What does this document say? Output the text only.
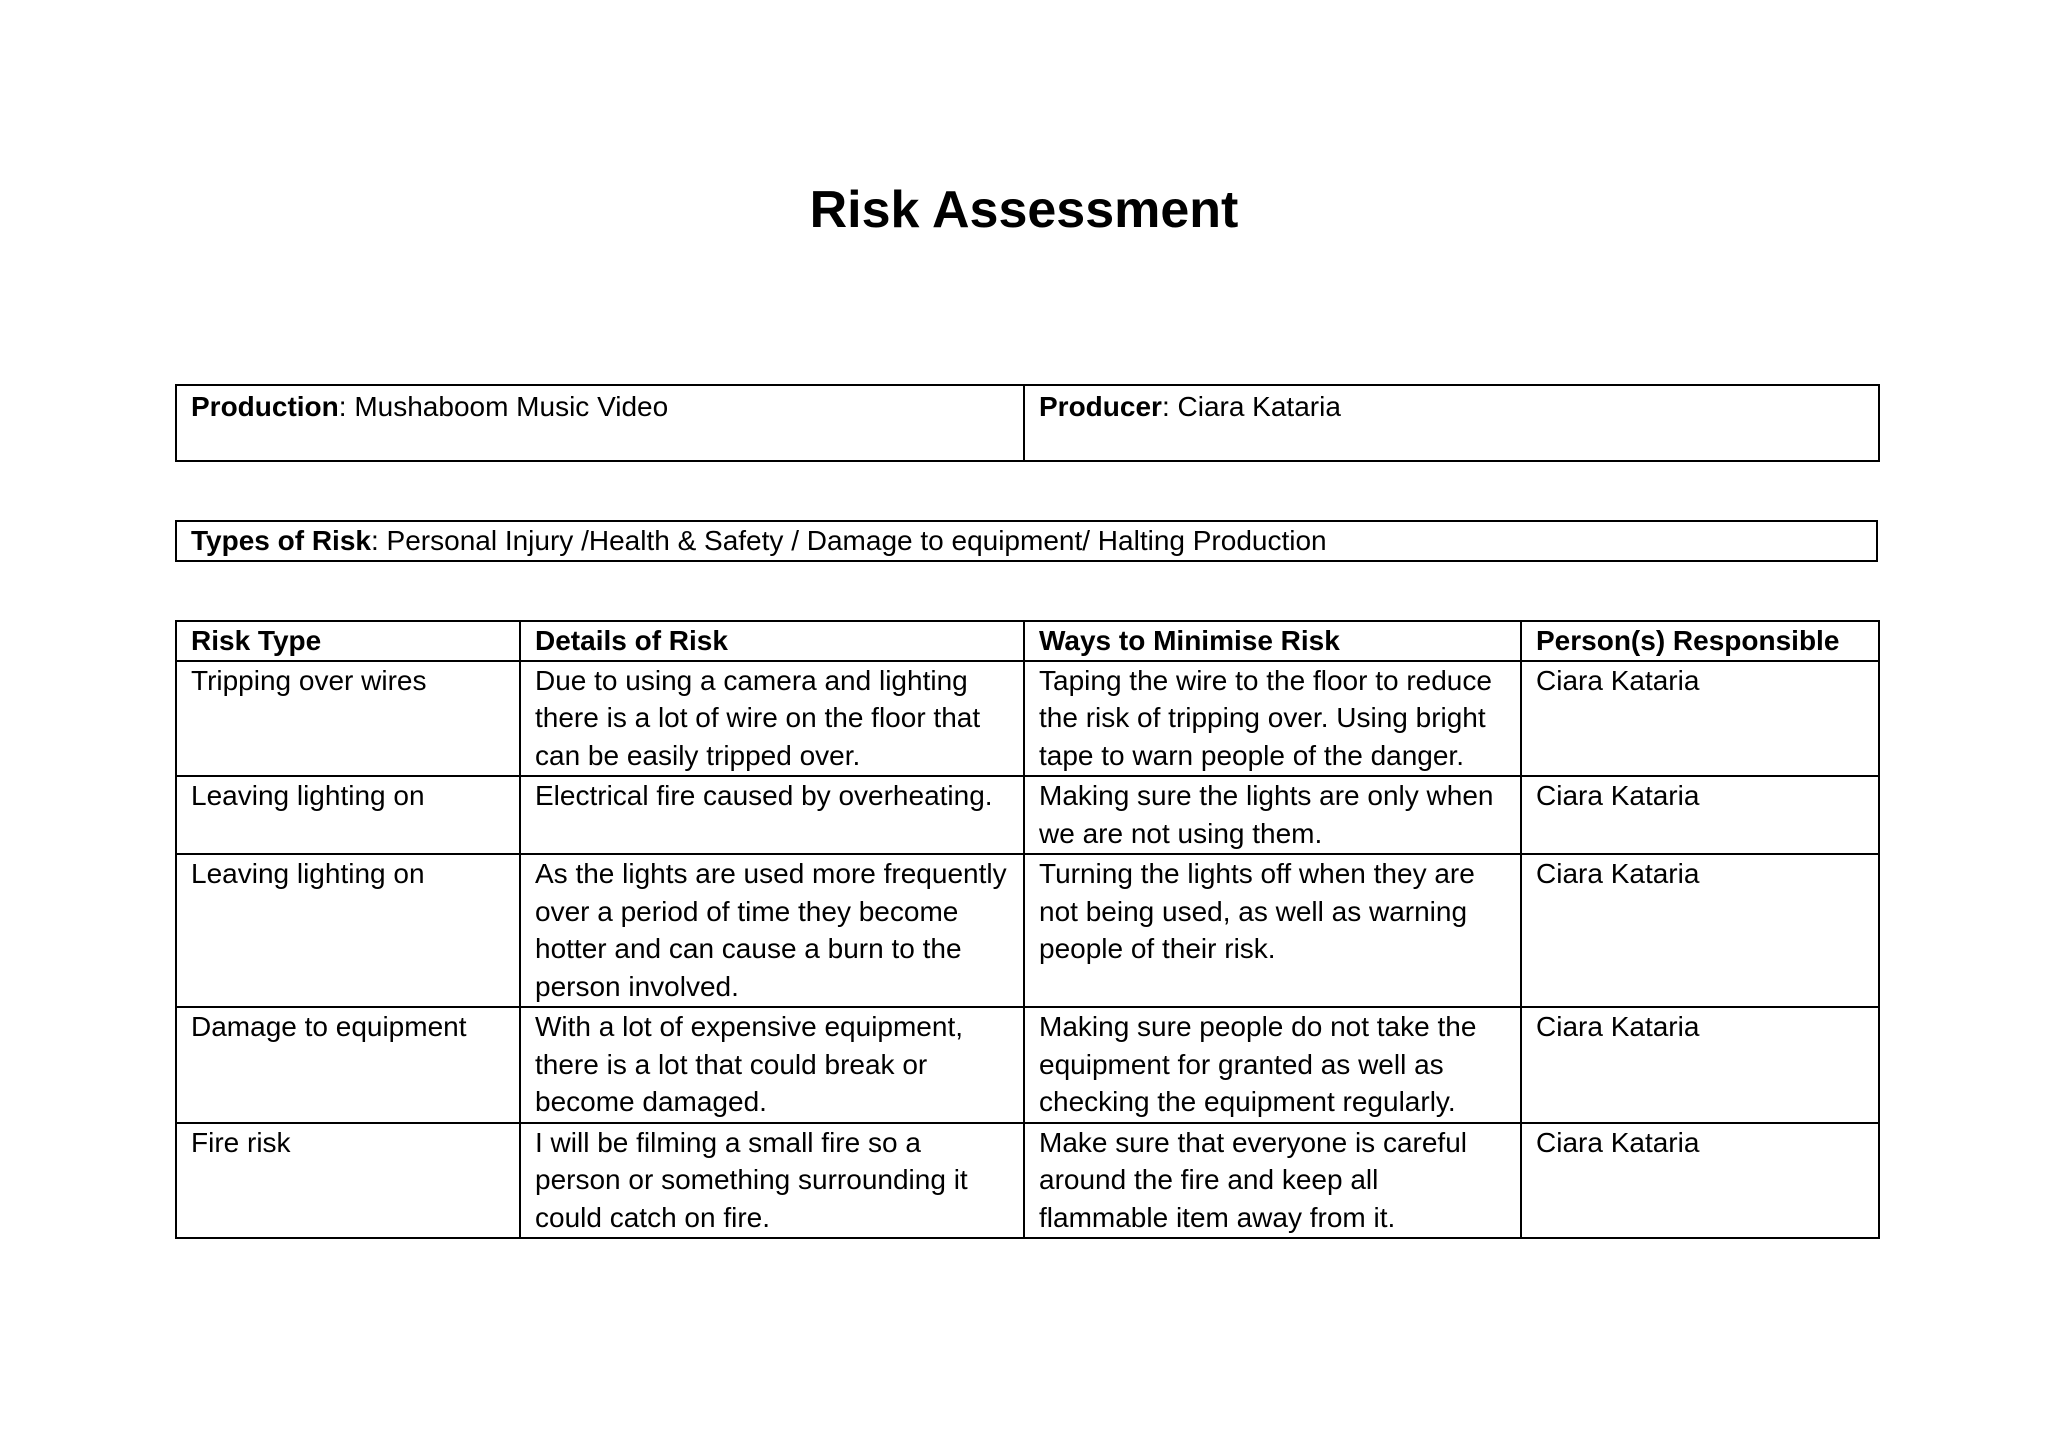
Risk Assessment
Production: Mushaboom Music Video	Producer: Ciara Kataria
Types of Risk: Personal Injury /Health & Safety / Damage to equipment/ Halting Production
Risk Type	Details of Risk	Ways to Minimise Risk	Person(s) Responsible
Tripping over wires	Due to using a camera and lighting there is a lot of wire on the floor that can be easily tripped over.	Taping the wire to the floor to reduce the risk of tripping over. Using bright tape to warn people of the danger.	Ciara Kataria
Leaving lighting on	Electrical fire caused by overheating.	Making sure the lights are only when we are not using them.	Ciara Kataria
Leaving lighting on	As the lights are used more frequently over a period of time they become hotter and can cause a burn to the person involved.	Turning the lights off when they are not being used, as well as warning people of their risk.	Ciara Kataria
Damage to equipment	With a lot of expensive equipment, there is a lot that could break or become damaged.	Making sure people do not take the equipment for granted as well as checking the equipment regularly.	Ciara Kataria
Fire risk	I will be filming a small fire so a person or something surrounding it could catch on fire.	Make sure that everyone is careful around the fire and keep all flammable item away from it.	Ciara Kataria
